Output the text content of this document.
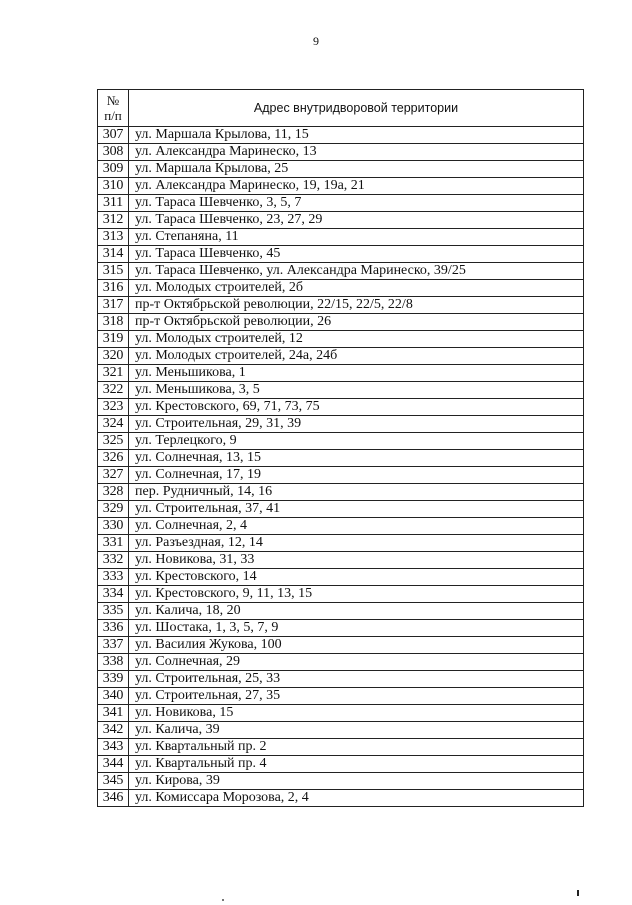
9
№
п/п	Адрес внутридворовой территории
307	ул. Маршала Крылова, 11, 15
308	ул. Александра Маринеско, 13
309	ул. Маршала Крылова, 25
310	ул. Александра Маринеско, 19, 19а, 21
311	ул. Тараса Шевченко, 3, 5, 7
312	ул. Тараса Шевченко, 23, 27, 29
313	ул. Степаняна, 11
314	ул. Тараса Шевченко, 45
315	ул. Тараса Шевченко, ул. Александра Маринеско, 39/25
316	ул. Молодых строителей, 2б
317	пр-т Октябрьской революции, 22/15, 22/5, 22/8
318	пр-т Октябрьской революции, 26
319	ул. Молодых строителей, 12
320	ул. Молодых строителей, 24а, 24б
321	ул. Меньшикова, 1
322	ул. Меньшикова, 3, 5
323	ул. Крестовского, 69, 71, 73, 75
324	ул. Строительная, 29, 31, 39
325	ул. Терлецкого, 9
326	ул. Солнечная, 13, 15
327	ул. Солнечная, 17, 19
328	пер. Рудничный, 14, 16
329	ул. Строительная, 37, 41
330	ул. Солнечная, 2, 4
331	ул. Разъездная, 12, 14
332	ул. Новикова, 31, 33
333	ул. Крестовского, 14
334	ул. Крестовского, 9, 11, 13, 15
335	ул. Калича, 18, 20
336	ул. Шостака, 1, 3, 5, 7, 9
337	ул. Василия Жукова, 100
338	ул. Солнечная, 29
339	ул. Строительная, 25, 33
340	ул. Строительная, 27, 35
341	ул. Новикова, 15
342	ул. Калича, 39
343	ул. Квартальный пр. 2
344	ул. Квартальный пр. 4
345	ул. Кирова, 39
346	ул. Комиссара Морозова, 2, 4
